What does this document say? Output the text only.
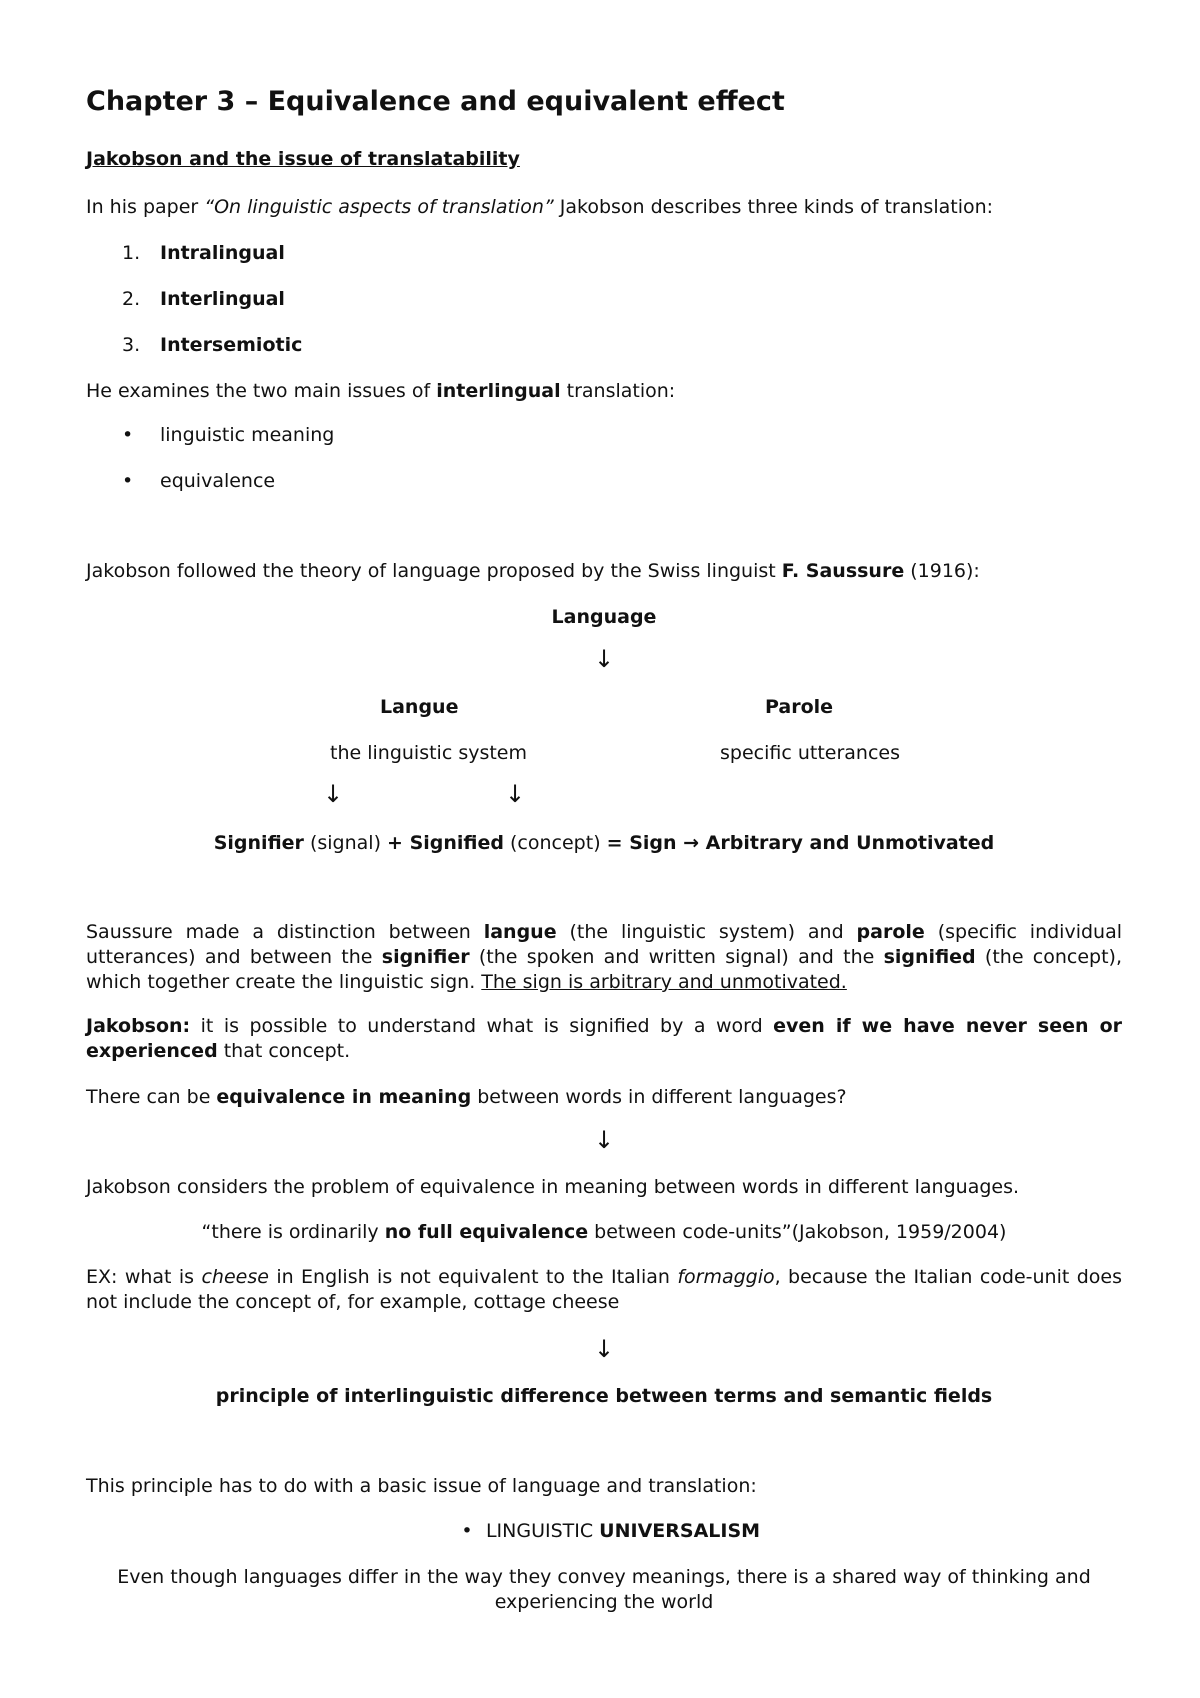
Chapter 3 – Equivalence and equivalent effect
Jakobson and the issue of translatability
In his paper “On linguistic aspects of translation” Jakobson describes three kinds of translation:
1. Intralingual
2. Interlingual
3. Intersemiotic
He examines the two main issues of interlingual translation:
• linguistic meaning
• equivalence
Jakobson followed the theory of language proposed by the Swiss linguist F. Saussure (1916):
Language
↓
Langue	Parole
the linguistic system	specific utterances
↓	↓
Signifier (signal) + Signified (concept) = Sign → Arbitrary and Unmotivated
Saussure made a distinction between langue (the linguistic system) and parole (specific individual utterances) and between the signifier (the spoken and written signal) and the signified (the concept), which together create the linguistic sign. The sign is arbitrary and unmotivated.
Jakobson: it is possible to understand what is signified by a word even if we have never seen or experienced that concept.
There can be equivalence in meaning between words in different languages?
↓
Jakobson considers the problem of equivalence in meaning between words in different languages.
“there is ordinarily no full equivalence between code-units”(Jakobson, 1959/2004)
EX: what is cheese in English is not equivalent to the Italian formaggio, because the Italian code-unit does not include the concept of, for example, cottage cheese
↓
principle of interlinguistic difference between terms and semantic fields
This principle has to do with a basic issue of language and translation:
• LINGUISTIC UNIVERSALISM
Even though languages differ in the way they convey meanings, there is a shared way of thinking and
experiencing the world
